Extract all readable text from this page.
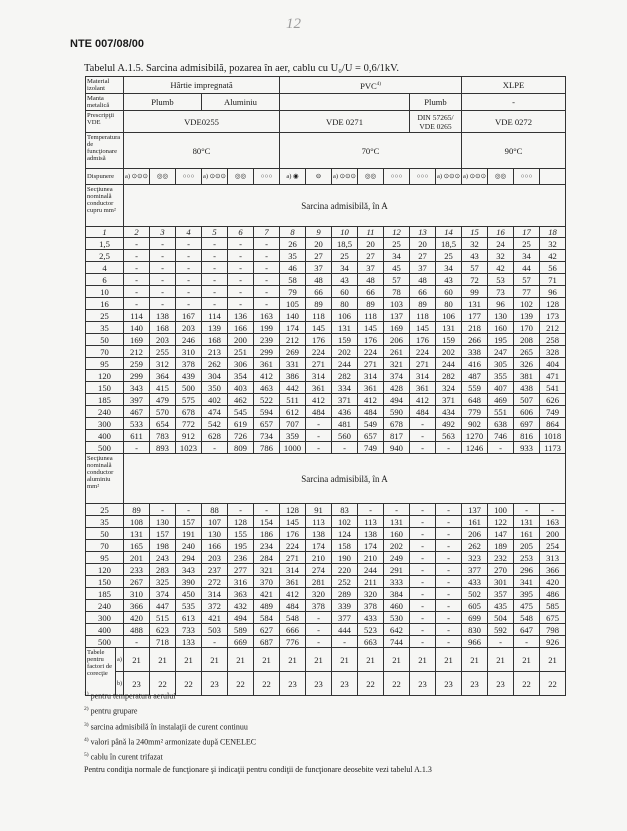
12
NTE 007/08/00
Tabelul A.1.5. Sarcina admisibilă, pozarea în aer, cablu cu U₀/U = 0,6/1kV.
Material izolant		Hârtie impregnată						PVC$^{4)}$							XLPE			
Manta metalică		Plumb			Aluminiu								Plumb		-			
Prescripţii VDE		VDE0255						VDE 0271					DIN 57265/ VDE 0265		VDE 0272			
Temperatura de funcţionare admisă		80°C						70°C							90°C			
Dispunere		a) ⊙⊙⊙	◎◎	○○○	a) ⊙⊙⊙	◎◎	○○○	a) ◉	⊖	a) ⊙⊙⊙	◎◎	○○○	○○○	a) ⊙⊙⊙	a) ⊙⊙⊙	◎◎	○○○	
Secţiunea nominală conductor cupru mm²		Sarcina admisibilă, în A																
1		2	3	4	5	6	7	8	9	10	11	12	13	14	15	16	17	18
1,5		-	-	-	-	-	-	26	20	18,5	20	25	20	18,5	32	24	25	32
2,5		-	-	-	-	-	-	35	27	25	27	34	27	25	43	32	34	42
4		-	-	-	-	-	-	46	37	34	37	45	37	34	57	42	44	56
6		-	-	-	-	-	-	58	48	43	48	57	48	43	72	53	57	71
10		-	-	-	-	-	-	79	66	60	66	78	66	60	99	73	77	96
16		-	-	-	-	-	-	105	89	80	89	103	89	80	131	96	102	128
25		114	138	167	114	136	163	140	118	106	118	137	118	106	177	130	139	173
35		140	168	203	139	166	199	174	145	131	145	169	145	131	218	160	170	212
50		169	203	246	168	200	239	212	176	159	176	206	176	159	266	195	208	258
70		212	255	310	213	251	299	269	224	202	224	261	224	202	338	247	265	328
95		259	312	378	262	306	361	331	271	244	271	321	271	244	416	305	326	404
120		299	364	439	304	354	412	386	314	282	314	374	314	282	487	355	381	471
150		343	415	500	350	403	463	442	361	334	361	428	361	324	559	407	438	541
185		397	479	575	402	462	522	511	412	371	412	494	412	371	648	469	507	626
240		467	570	678	474	545	594	612	484	436	484	590	484	434	779	551	606	749
300		533	654	772	542	619	657	707	-	481	549	678	-	492	902	638	697	864
400		611	783	912	628	726	734	359	-	560	657	817	-	563	1270	746	816	1018
500		-	893	1023	-	809	786	1000	-	-	749	940	-	-	1246	-	933	1173
Secţiunea nominală conductor aluminiu mm²		Sarcina admisibilă, în A																
25		89	-	-	88	-	-	128	91	83	-	-	-	-	137	100	-	-
35		108	130	157	107	128	154	145	113	102	113	131	-	-	161	122	131	163
50		131	157	191	130	155	186	176	138	124	138	160	-	-	206	147	161	200
70		165	198	240	166	195	234	224	174	158	174	202	-	-	262	189	205	254
95		201	243	294	203	236	284	271	210	190	210	249	-	-	323	232	253	313
120		233	283	343	237	277	321	314	274	220	244	291	-	-	377	270	296	366
150		267	325	390	272	316	370	361	281	252	211	333	-	-	433	301	341	420
185		310	374	450	314	363	421	412	320	289	320	384	-	-	502	357	395	486
240		366	447	535	372	432	489	484	378	339	378	460	-	-	605	435	475	585
300		420	515	613	421	494	584	548	-	377	433	530	-	-	699	504	548	675
400		488	623	733	503	589	627	666	-	444	523	642	-	-	830	592	647	798
500		-	718	133	-	669	687	776	-	-	663	744	-	-	966	-	-	926
Tabele pentru factori de corecţie	a)	21	21	21	21	21	21	21	21	21	21	21	21	21	21	21	21	21
	b)	23	22	22	23	22	22	23	23	23	22	22	23	23	23	23	22	22
$^{1)}$ pentru temperatura aerului
$^{2)}$ pentru grupare
$^{3)}$ sarcina admisibilă în instalaţii de curent continuu
$^{4)}$ valori până la 240mm² armonizate după CENELEC
$^{5)}$ cablu în curent trifazat
Pentru condiţia normale de funcţionare şi indicaţii pentru condiţii de funcţionare deosebite vezi tabelul A.1.3
